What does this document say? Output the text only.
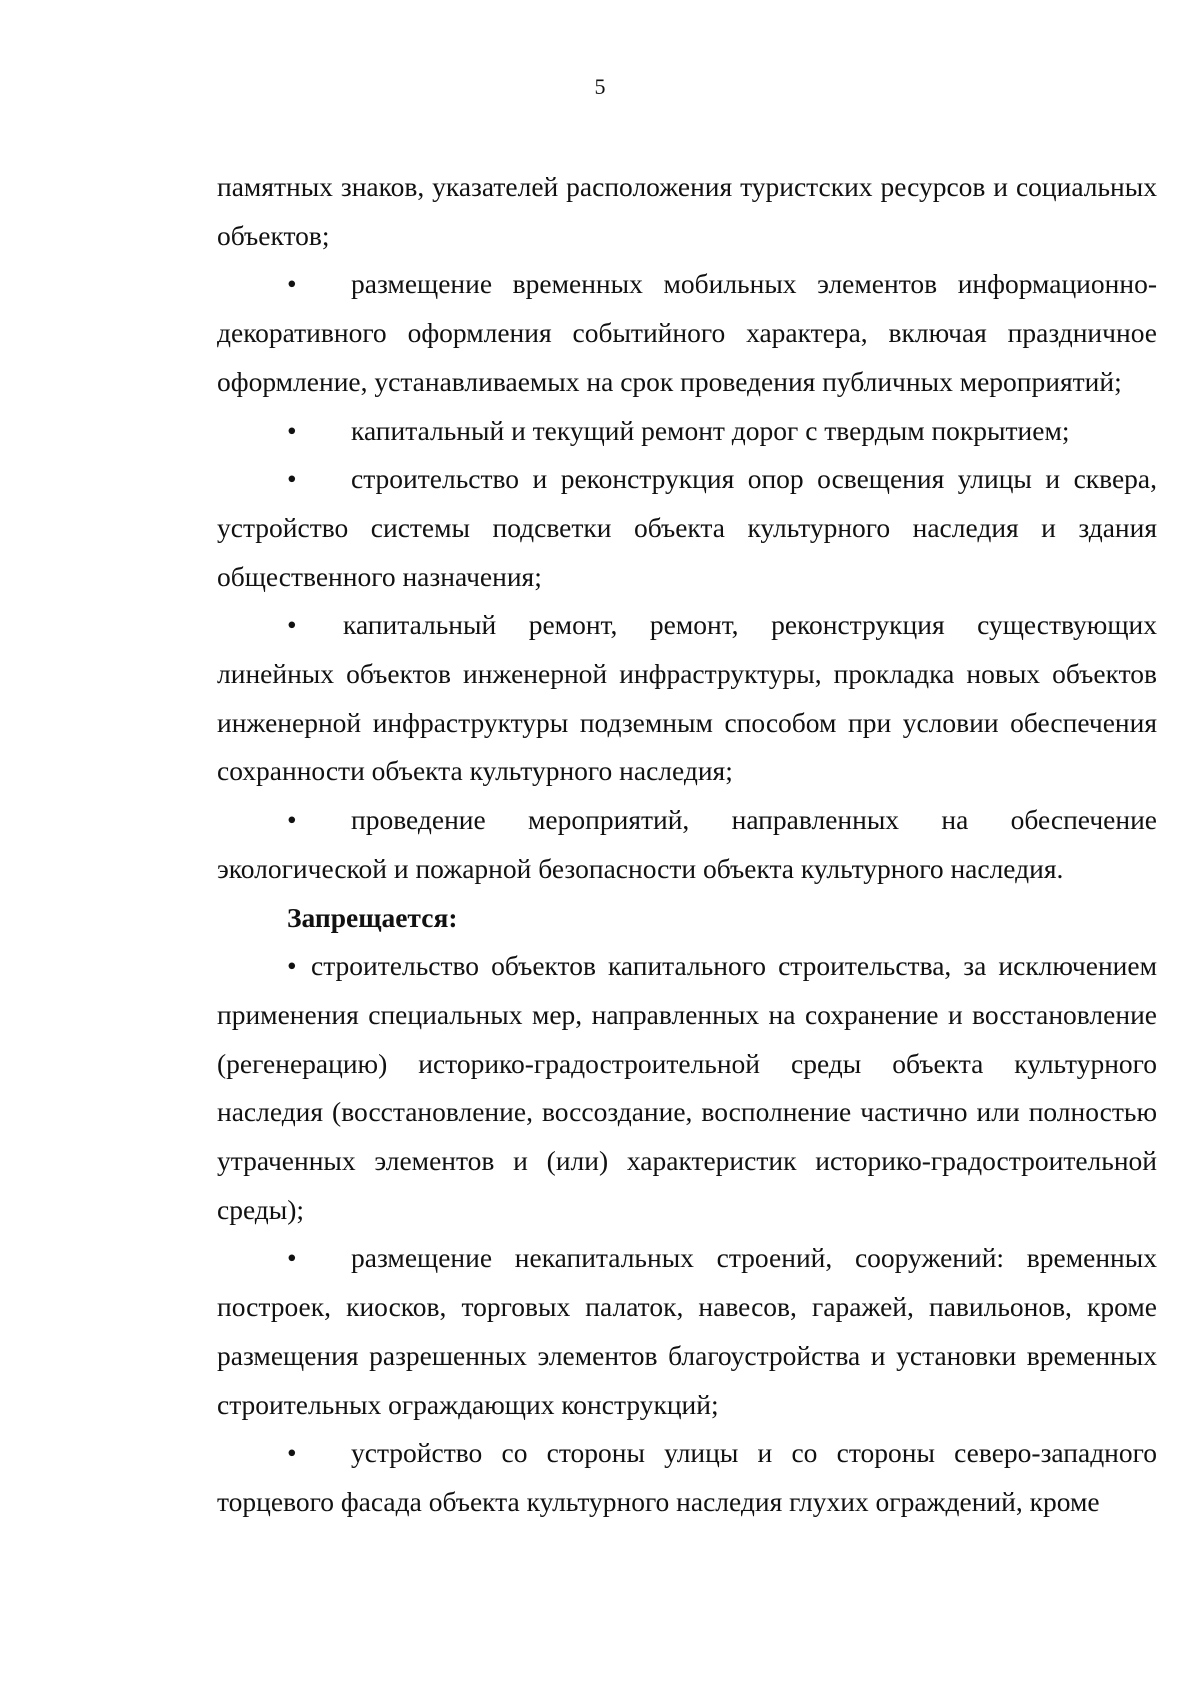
5

памятных знаков, указателей расположения туристских ресурсов и социальных объектов;

• размещение временных мобильных элементов информационно-декоративного оформления событийного характера, включая праздничное оформление, устанавливаемых на срок проведения публичных мероприятий;

• капитальный и текущий ремонт дорог с твердым покрытием;

• строительство и реконструкция опор освещения улицы и сквера, устройство системы подсветки объекта культурного наследия и здания общественного назначения;

• капитальный ремонт, ремонт, реконструкция существующих линейных объектов инженерной инфраструктуры, прокладка новых объектов инженерной инфраструктуры подземным способом при условии обеспечения сохранности объекта культурного наследия;

• проведение мероприятий, направленных на обеспечение экологической и пожарной безопасности объекта культурного наследия.

Запрещается:

• строительство объектов капитального строительства, за исключением применения специальных мер, направленных на сохранение и восстановление (регенерацию) историко-градостроительной среды объекта культурного наследия (восстановление, воссоздание, восполнение частично или полностью утраченных элементов и (или) характеристик историко-градостроительной среды);

• размещение некапитальных строений, сооружений: временных построек, киосков, торговых палаток, навесов, гаражей, павильонов, кроме размещения разрешенных элементов благоустройства и установки временных строительных ограждающих конструкций;

• устройство со стороны улицы и со стороны северо-западного торцевого фасада объекта культурного наследия глухих ограждений, кроме
